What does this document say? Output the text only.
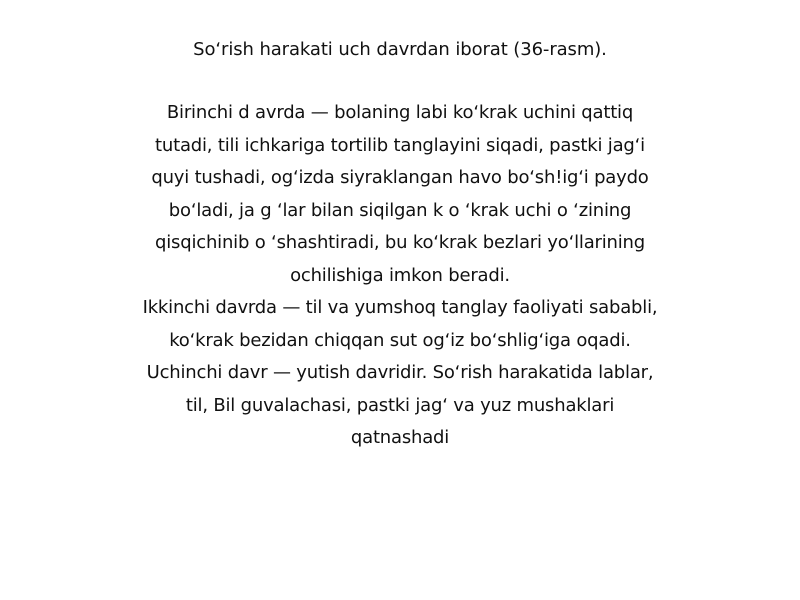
Soʻrish harakati uch davrdan iborat (36-rasm).
Birinchi d avrda — bolaning labi koʻkrak uchini qattiq
tutadi, tili ichkariga tortilib tanglayini siqadi, pastki jagʻi
quyi tushadi, ogʻizda siyraklangan havo boʻsh!igʻi paydo
boʻladi, ja g ʻlar bilan siqilgan k o ʻkrak uchi o ʻzining
qisqichinib o ʻshashtiradi, bu koʻkrak bezlari yoʻllarining
ochilishiga imkon beradi.
Ikkinchi davrda — til va yumshoq tanglay faoliyati sababli,
koʻkrak bezidan chiqqan sut ogʻiz boʻshligʻiga oqadi.
Uchinchi davr — yutish davridir. Soʻrish harakatida lablar,
til, Bil guvalachasi, pastki jagʻ va yuz mushaklari
qatnashadi
